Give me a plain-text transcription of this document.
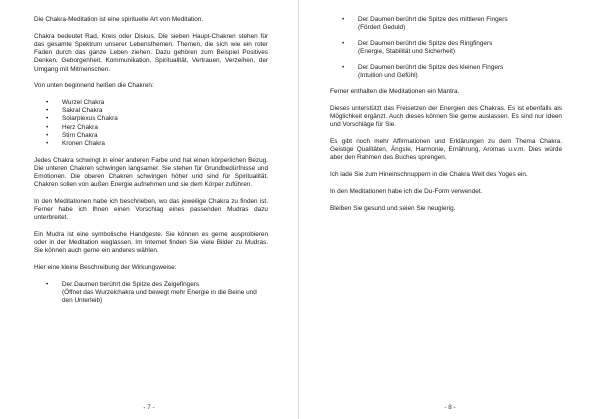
Die Chakra-Meditation ist eine spirituelle Art von Meditation.

Chakra bedeutet Rad, Kreis oder Diskus. Die sieben Haupt-Chakren stehen für das gesamte Spektrum unserer Lebensthemen. Themen, die sich wie ein roter Faden durch das ganze Leben ziehen. Dazu gehören zum Beispiel Positives Denken, Geborgenheit, Kommunikation, Spiritualität, Vertrauen, Verzeihen, der Umgang mit Mitmenschen.

Von unten beginnend heißen die Chakren:

• Wurzel Chakra
• Sakral Chakra
• Solarplexus Chakra
• Herz Chakra
• Stirn Chakra
• Kronen Chakra

Jedes Chakra schwingt in einer anderen Farbe und hat einen körperlichen Bezug. Die unteren Chakren schwingen langsamer. Sie stehen für Grundbedürfnisse und Emotionen. Die oberen Chakren schwingen höher und sind für Spiritualität. Chakren sollen von außen Energie aufnehmen und sie dem Körper zuführen.

In den Meditationen habe ich beschrieben, wo das jeweilige Chakra zu finden ist. Ferner habe ich Ihnen einen Vorschlag eines passenden Mudras dazu unterbreitet.

Ein Mudra ist eine symbolische Handgeste. Sie können es gerne ausprobieren oder in der Meditation weglassen. Im Internet finden Sie viele Bilder zu Mudras. Sie können auch gerne ein anderes wählen.

Hier eine kleine Beschreibung der Wirkungsweise:

• Der Daumen berührt die Spitze des Zeigefingers
(Öffnet das Wurzelchakra und bewegt mehr Energie in die Beine und den Unterleib)
- 7 -
• Der Daumen berührt die Spitze des mittleren Fingers
(Fördert Geduld)
• Der Daumen berührt die Spitze des Ringfingers
(Energie, Stabilität und Sicherheit)
• Der Daumen berührt die Spitze des kleinen Fingers
(Intuition und Gefühl)

Ferner enthalten die Meditationen ein Mantra.

Dieses unterstützt das Freisetzen der Energien des Chakras. Es ist ebenfalls als Möglichkeit ergänzt. Auch dieses können Sie gerne auslassen. Es sind nur Ideen und Vorschläge für Sie.

Es gibt noch mehr Affirmationen und Erklärungen zu dem Thema Chakra. Geistige Qualitäten, Ängste, Harmonie, Ernährung, Aromas u.v.m. Dies würde aber den Rahmen des Buches sprengen.

Ich lade Sie zum Hineinschnuppern in die Chakra Welt des Yoges ein.

In den Meditationen habe ich die Du-Form verwendet.

Bleiben Sie gesund und seien Sie neugierig.

- 8 -
